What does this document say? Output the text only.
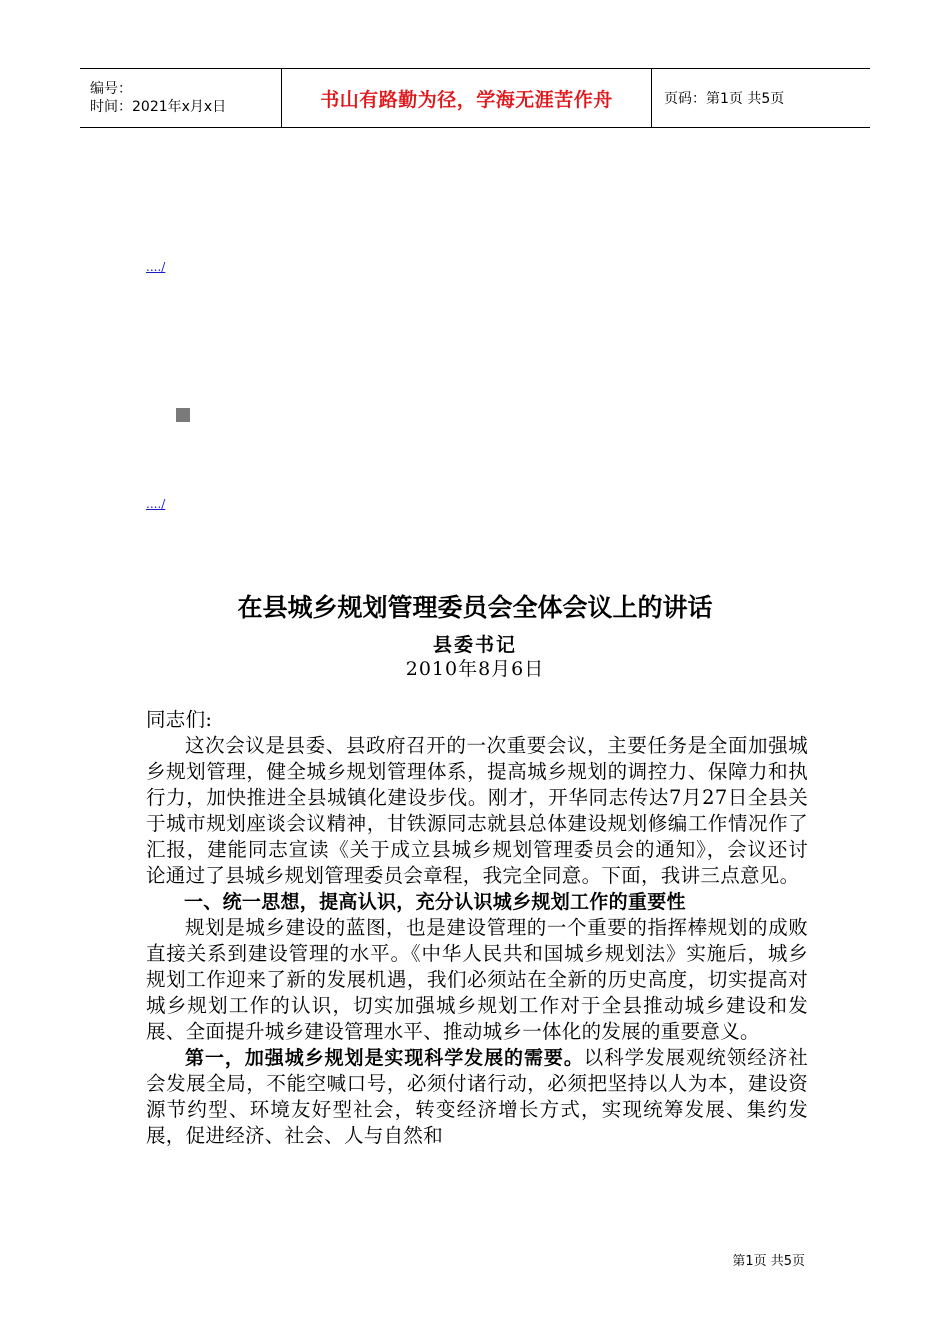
编号：
时间：2021年x月x日	书山有路勤为径，学海无涯苦作舟	页码：第1页 共5页
..../
..../
在县城乡规划管理委员会全体会议上的讲话
县委书记
2010年8月6日

同志们:

这次会议是县委、县政府召开的一次重要会议，主要任务是全面加强城乡规划管理，健全城乡规划管理体系，提高城乡规划的调控力、保障力和执行力，加快推进全县城镇化建设步伐。刚才，开华同志传达7月27日全县关于城市规划座谈会议精神，甘铁源同志就县总体建设规划修编工作情况作了汇报，建能同志宣读《关于成立县城乡规划管理委员会的通知》，会议还讨论通过了县城乡规划管理委员会章程，我完全同意。下面，我讲三点意见。

一、统一思想，提高认识，充分认识城乡规划工作的重要性

规划是城乡建设的蓝图，也是建设管理的一个重要的指挥棒规划的成败直接关系到建设管理的水平。《中华人民共和国城乡规划法》实施后，城乡规划工作迎来了新的发展机遇，我们必须站在全新的历史高度，切实提高对城乡规划工作的认识，切实加强城乡规划工作对于全县推动城乡建设和发展、全面提升城乡建设管理水平、推动城乡一体化的发展的重要意义。

第一，加强城乡规划是实现科学发展的需要。以科学发展观统领经济社会发展全局，不能空喊口号，必须付诸行动，必须把坚持以人为本，建设资源节约型、环境友好型社会，转变经济增长方式，实现统筹发展、集约发展，促进经济、社会、人与自然和

第1页 共5页
